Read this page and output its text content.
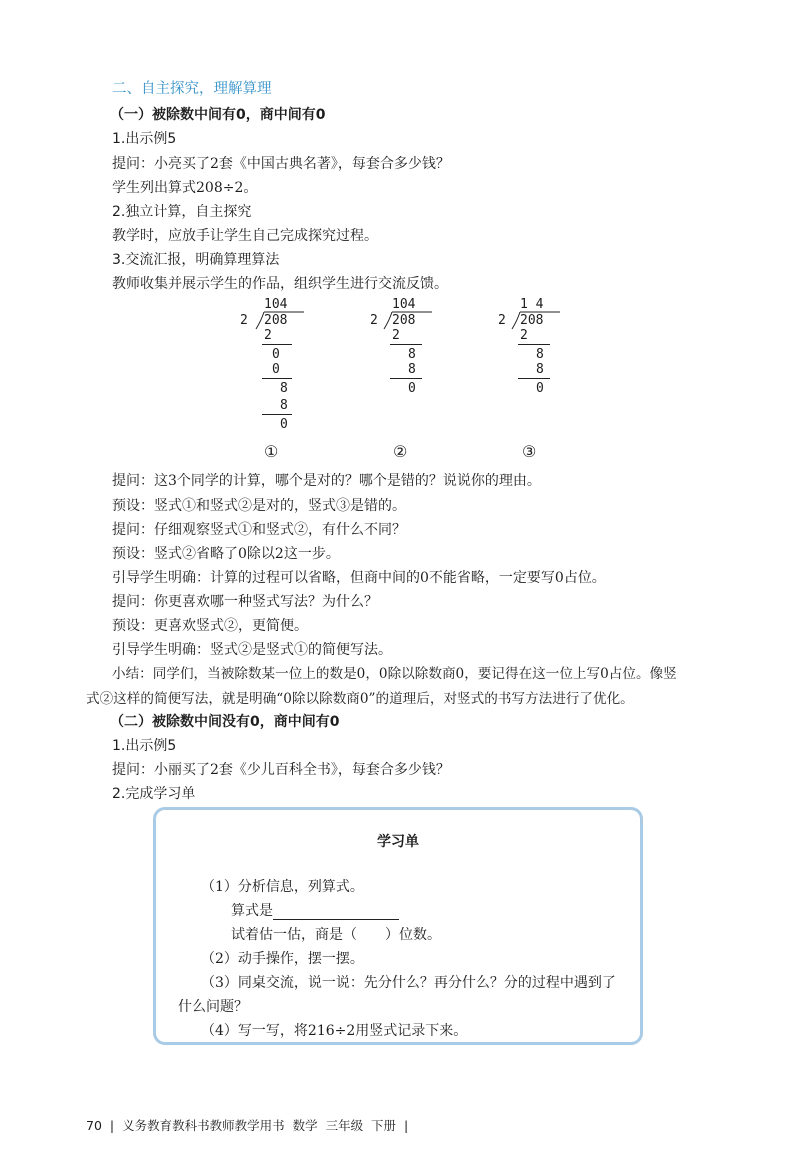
二、自主探究，理解算理
（一）被除数中间有0，商中间有0
1.出示例5
提问：小亮买了2套《中国古典名著》，每套合多少钱？
学生列出算式208÷2。
2.独立计算，自主探究
教学时，应放手让学生自己完成探究过程。
3.交流汇报，明确算理算法
教师收集并展示学生的作品，组织学生进行交流反馈。
104
2 208
2
0
0
8
8
0
①
104
2 208
2
8
8
0
②
1 4
2 208
2
8
8
0
③
提问：这3个同学的计算，哪个是对的？哪个是错的？说说你的理由。
预设：竖式①和竖式②是对的，竖式③是错的。
提问：仔细观察竖式①和竖式②，有什么不同？
预设：竖式②省略了0除以2这一步。
引导学生明确：计算的过程可以省略，但商中间的0不能省略，一定要写0占位。
提问：你更喜欢哪一种竖式写法？为什么？
预设：更喜欢竖式②，更简便。
引导学生明确：竖式②是竖式①的简便写法。
小结：同学们，当被除数某一位上的数是0，0除以除数商0，要记得在这一位上写0占位。像竖
式②这样的简便写法，就是明确“0除以除数商0”的道理后，对竖式的书写方法进行了优化。
（二）被除数中间没有0，商中间有0
1.出示例5
提问：小丽买了2套《少儿百科全书》，每套合多少钱？
2.完成学习单
学习单
（1）分析信息，列算式。
算式是
试着估一估，商是（　　）位数。
（2）动手操作，摆一摆。
（3）同桌交流，说一说：先分什么？再分什么？分的过程中遇到了
什么问题？
（4）写一写，将216÷2用竖式记录下来。
70 | 义务教育教科书教师教学用书 数学 三年级 下册 |
